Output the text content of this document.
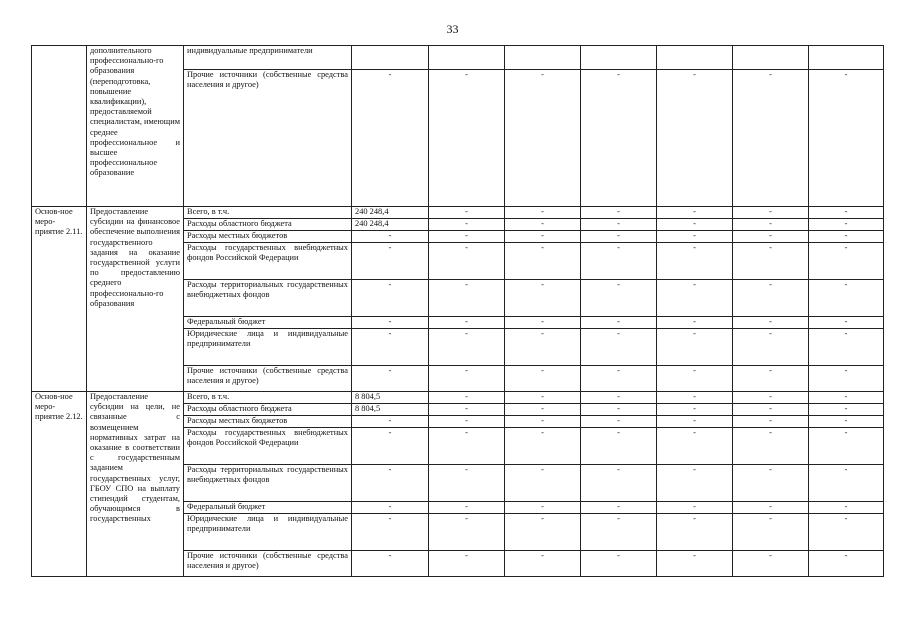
33
	дополнительного профессионально-го образования (переподготовка, повышение квалификации), предоставляемой специалистам, имеющим среднее профессиональное и высшее профессиональное образование	индивидуальные предприниматели							
		Прочие источники (собственные средства населения и другое)	-	-	-	-	-	-	-
Основ-ное меро-приятие 2.11.	Предоставление субсидии на финансовое обеспечение выполнения государственного задания на оказание государственной услуги по предоставлению среднего профессионально-го образования	Всего, в т.ч.	240 248,4	-	-	-	-	-	-
		Расходы областного бюджета	240 248,4	-	-	-	-	-	-
		Расходы местных бюджетов	-	-	-	-	-	-	-
		Расходы государственных внебюджетных фондов Российской Федерации	-	-	-	-	-	-	-
		Расходы территориальных государственных внебюджетных фондов	-	-	-	-	-	-	-
		Федеральный бюджет	-	-	-	-	-	-	-
		Юридические лица и индивидуальные предприниматели	-	-	-	-	-	-	-
		Прочие источники (собственные средства населения и другое)	-	-	-	-	-	-	-
Основ-ное меро-приятие 2.12.	Предоставление субсидии на цели, не связанные с возмещением нормативных затрат на оказание в соответствии с государственным заданием государственных услуг, ГБОУ СПО на выплату стипендий студентам, обучающимся в государственных	Всего, в т.ч.	8 804,5	-	-	-	-	-	-
		Расходы областного бюджета	8 804,5	-	-	-	-	-	-
		Расходы местных бюджетов	-	-	-	-	-	-	-
		Расходы государственных внебюджетных фондов Российской Федерации	-	-	-	-	-	-	-
		Расходы территориальных государственных внебюджетных фондов	-	-	-	-	-	-	-
		Федеральный бюджет	-	-	-	-	-	-	-
		Юридические лица и индивидуальные предприниматели	-	-	-	-	-	-	-
		Прочие источники (собственные средства населения и другое)	-	-	-	-	-	-	-
